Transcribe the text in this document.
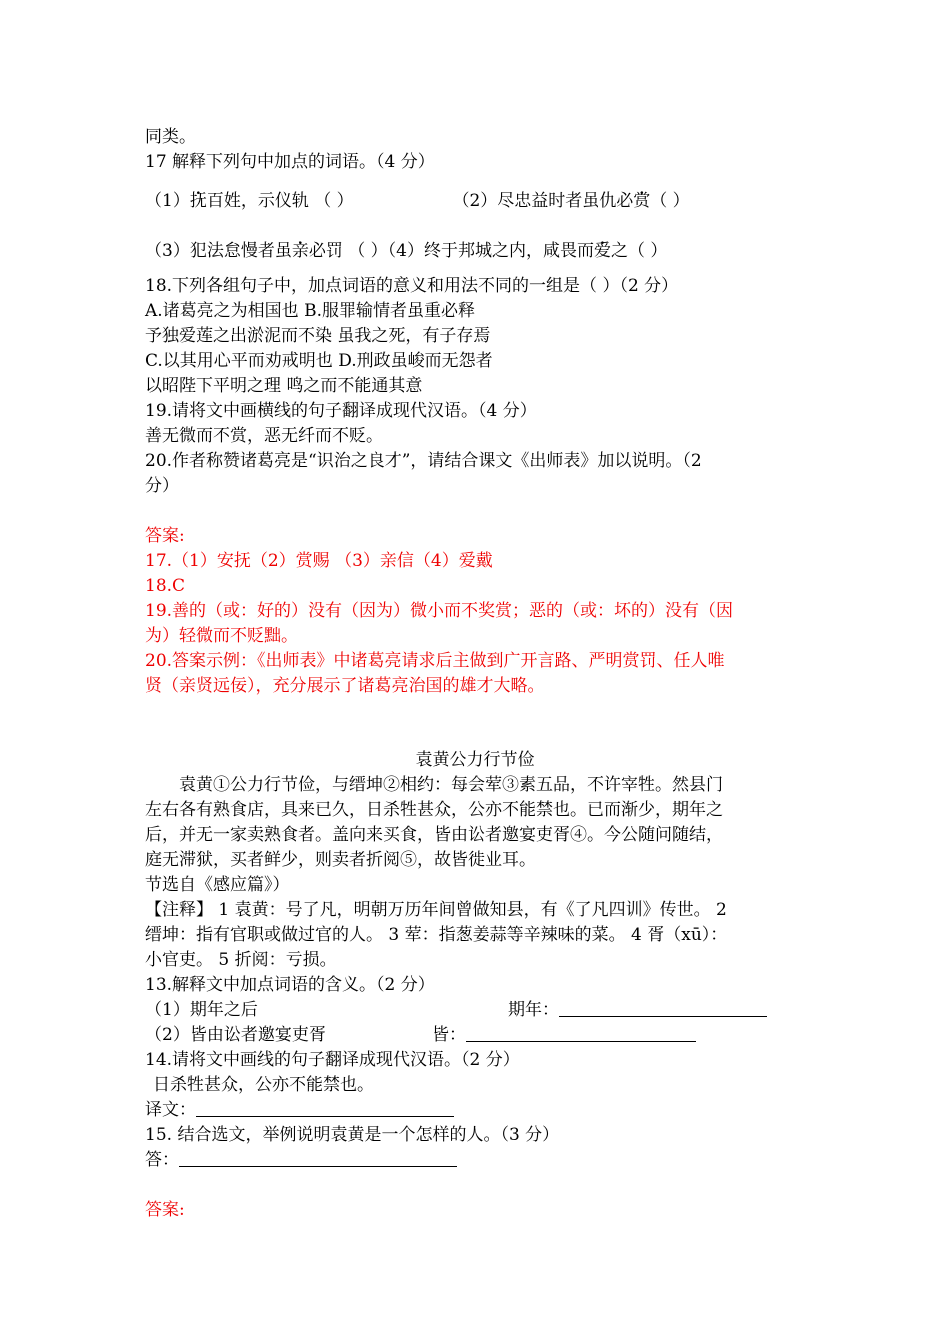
同类。
17 解释下列句中加点的词语。（4 分）
（1）抚百姓，示仪轨 （ ）	（2）尽忠益时者虽仇必赏（ ）
（3）犯法怠慢者虽亲必罚 （ ）（4）终于邦城之内，咸畏而爱之（ ）
18.下列各组句子中，加点词语的意义和用法不同的一组是（ ）（2 分）
A.诸葛亮之为相国也 B.服罪输情者虽重必释
予独爱莲之出淤泥而不染 虽我之死，有子存焉
C.以其用心平而劝戒明也 D.刑政虽峻而无怨者
以昭陛下平明之理 鸣之而不能通其意
19.请将文中画横线的句子翻译成现代汉语。（4 分）
善无微而不赏，恶无纤而不贬。
20.作者称赞诸葛亮是“识治之良才”，请结合课文《出师表》加以说明。（2
分）
答案:
17.（1）安抚（2）赏赐 （3）亲信（4）爱戴
18.C
19.善的（或：好的）没有（因为）微小而不奖赏；恶的（或：坏的）没有（因
为）轻微而不贬黜。
20.答案示例：《出师表》中诸葛亮请求后主做到广开言路、严明赏罚、任人唯
贤（亲贤远佞），充分展示了诸葛亮治国的雄才大略。
袁黄公力行节俭
袁黄①公力行节俭，与缙坤②相约：每会荤③素五品，不许宰牲。然县门
左右各有熟食店，具来已久，日杀牲甚众，公亦不能禁也。已而渐少，期年之
后，并无一家卖熟食者。盖向来买食，皆由讼者邀宴吏胥④。今公随问随结，
庭无滞狱，买者鲜少，则卖者折阅⑤，故皆徙业耳。
节选自《感应篇》）
【注释】 1 袁黄：号了凡，明朝万历年间曾做知县，有《了凡四训》传世。 2
缙坤：指有官职或做过官的人。 3 荤：指葱姜蒜等辛辣味的菜。 4 胥（xū）：
小官吏。 5 折阅：亏损。
13.解释文中加点词语的含义。（2 分）
（1）期年之后	期年：
（2）皆由讼者邀宴吏胥	皆：
14.请将文中画线的句子翻译成现代汉语。（2 分）
日杀牲甚众，公亦不能禁也。
译文：
15. 结合选文，举例说明袁黄是一个怎样的人。（3 分）
答：
答案:
